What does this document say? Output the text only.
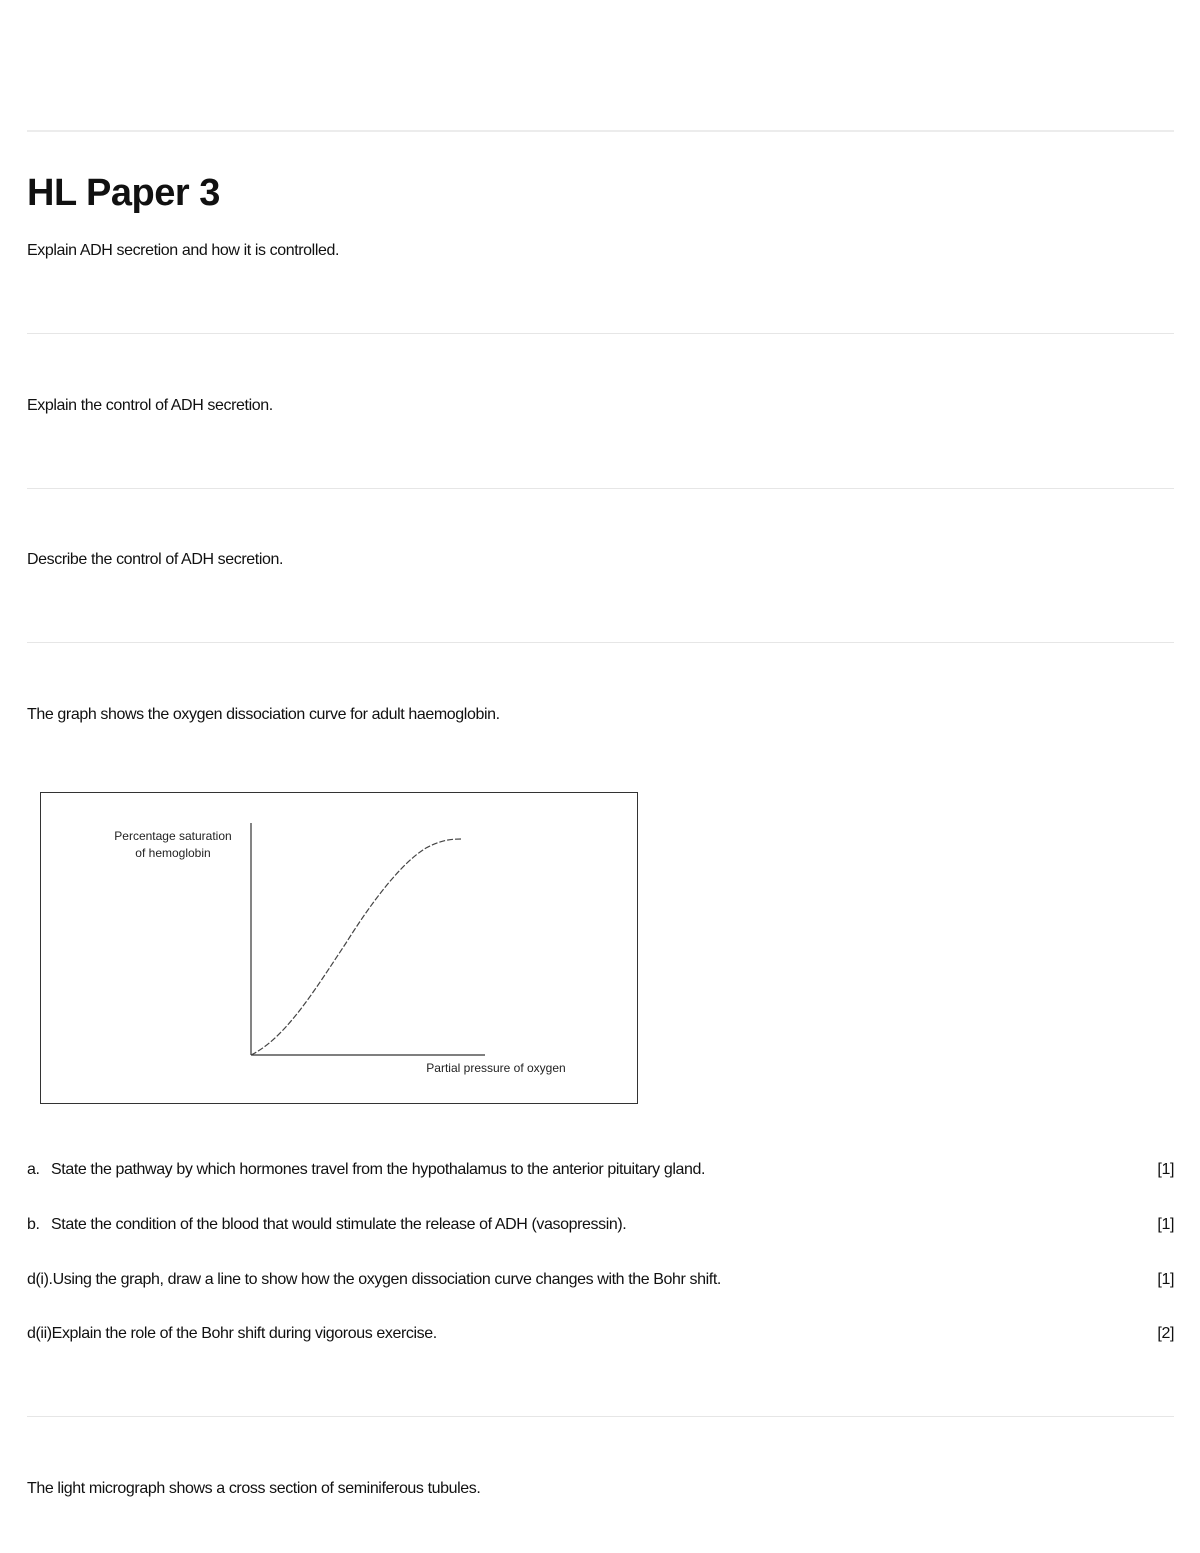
HL Paper 3
Explain ADH secretion and how it is controlled.
Explain the control of ADH secretion.
Describe the control of ADH secretion.
The graph shows the oxygen dissociation curve for adult haemoglobin.
Percentage saturation
of hemoglobin
Partial pressure of oxygen
a. State the pathway by which hormones travel from the hypothalamus to the anterior pituitary gland.	[1]
b. State the condition of the blood that would stimulate the release of ADH (vasopressin).	[1]
d(i).Using the graph, draw a line to show how the oxygen dissociation curve changes with the Bohr shift.	[1]
d(ii)Explain the role of the Bohr shift during vigorous exercise.	[2]
The light micrograph shows a cross section of seminiferous tubules.
